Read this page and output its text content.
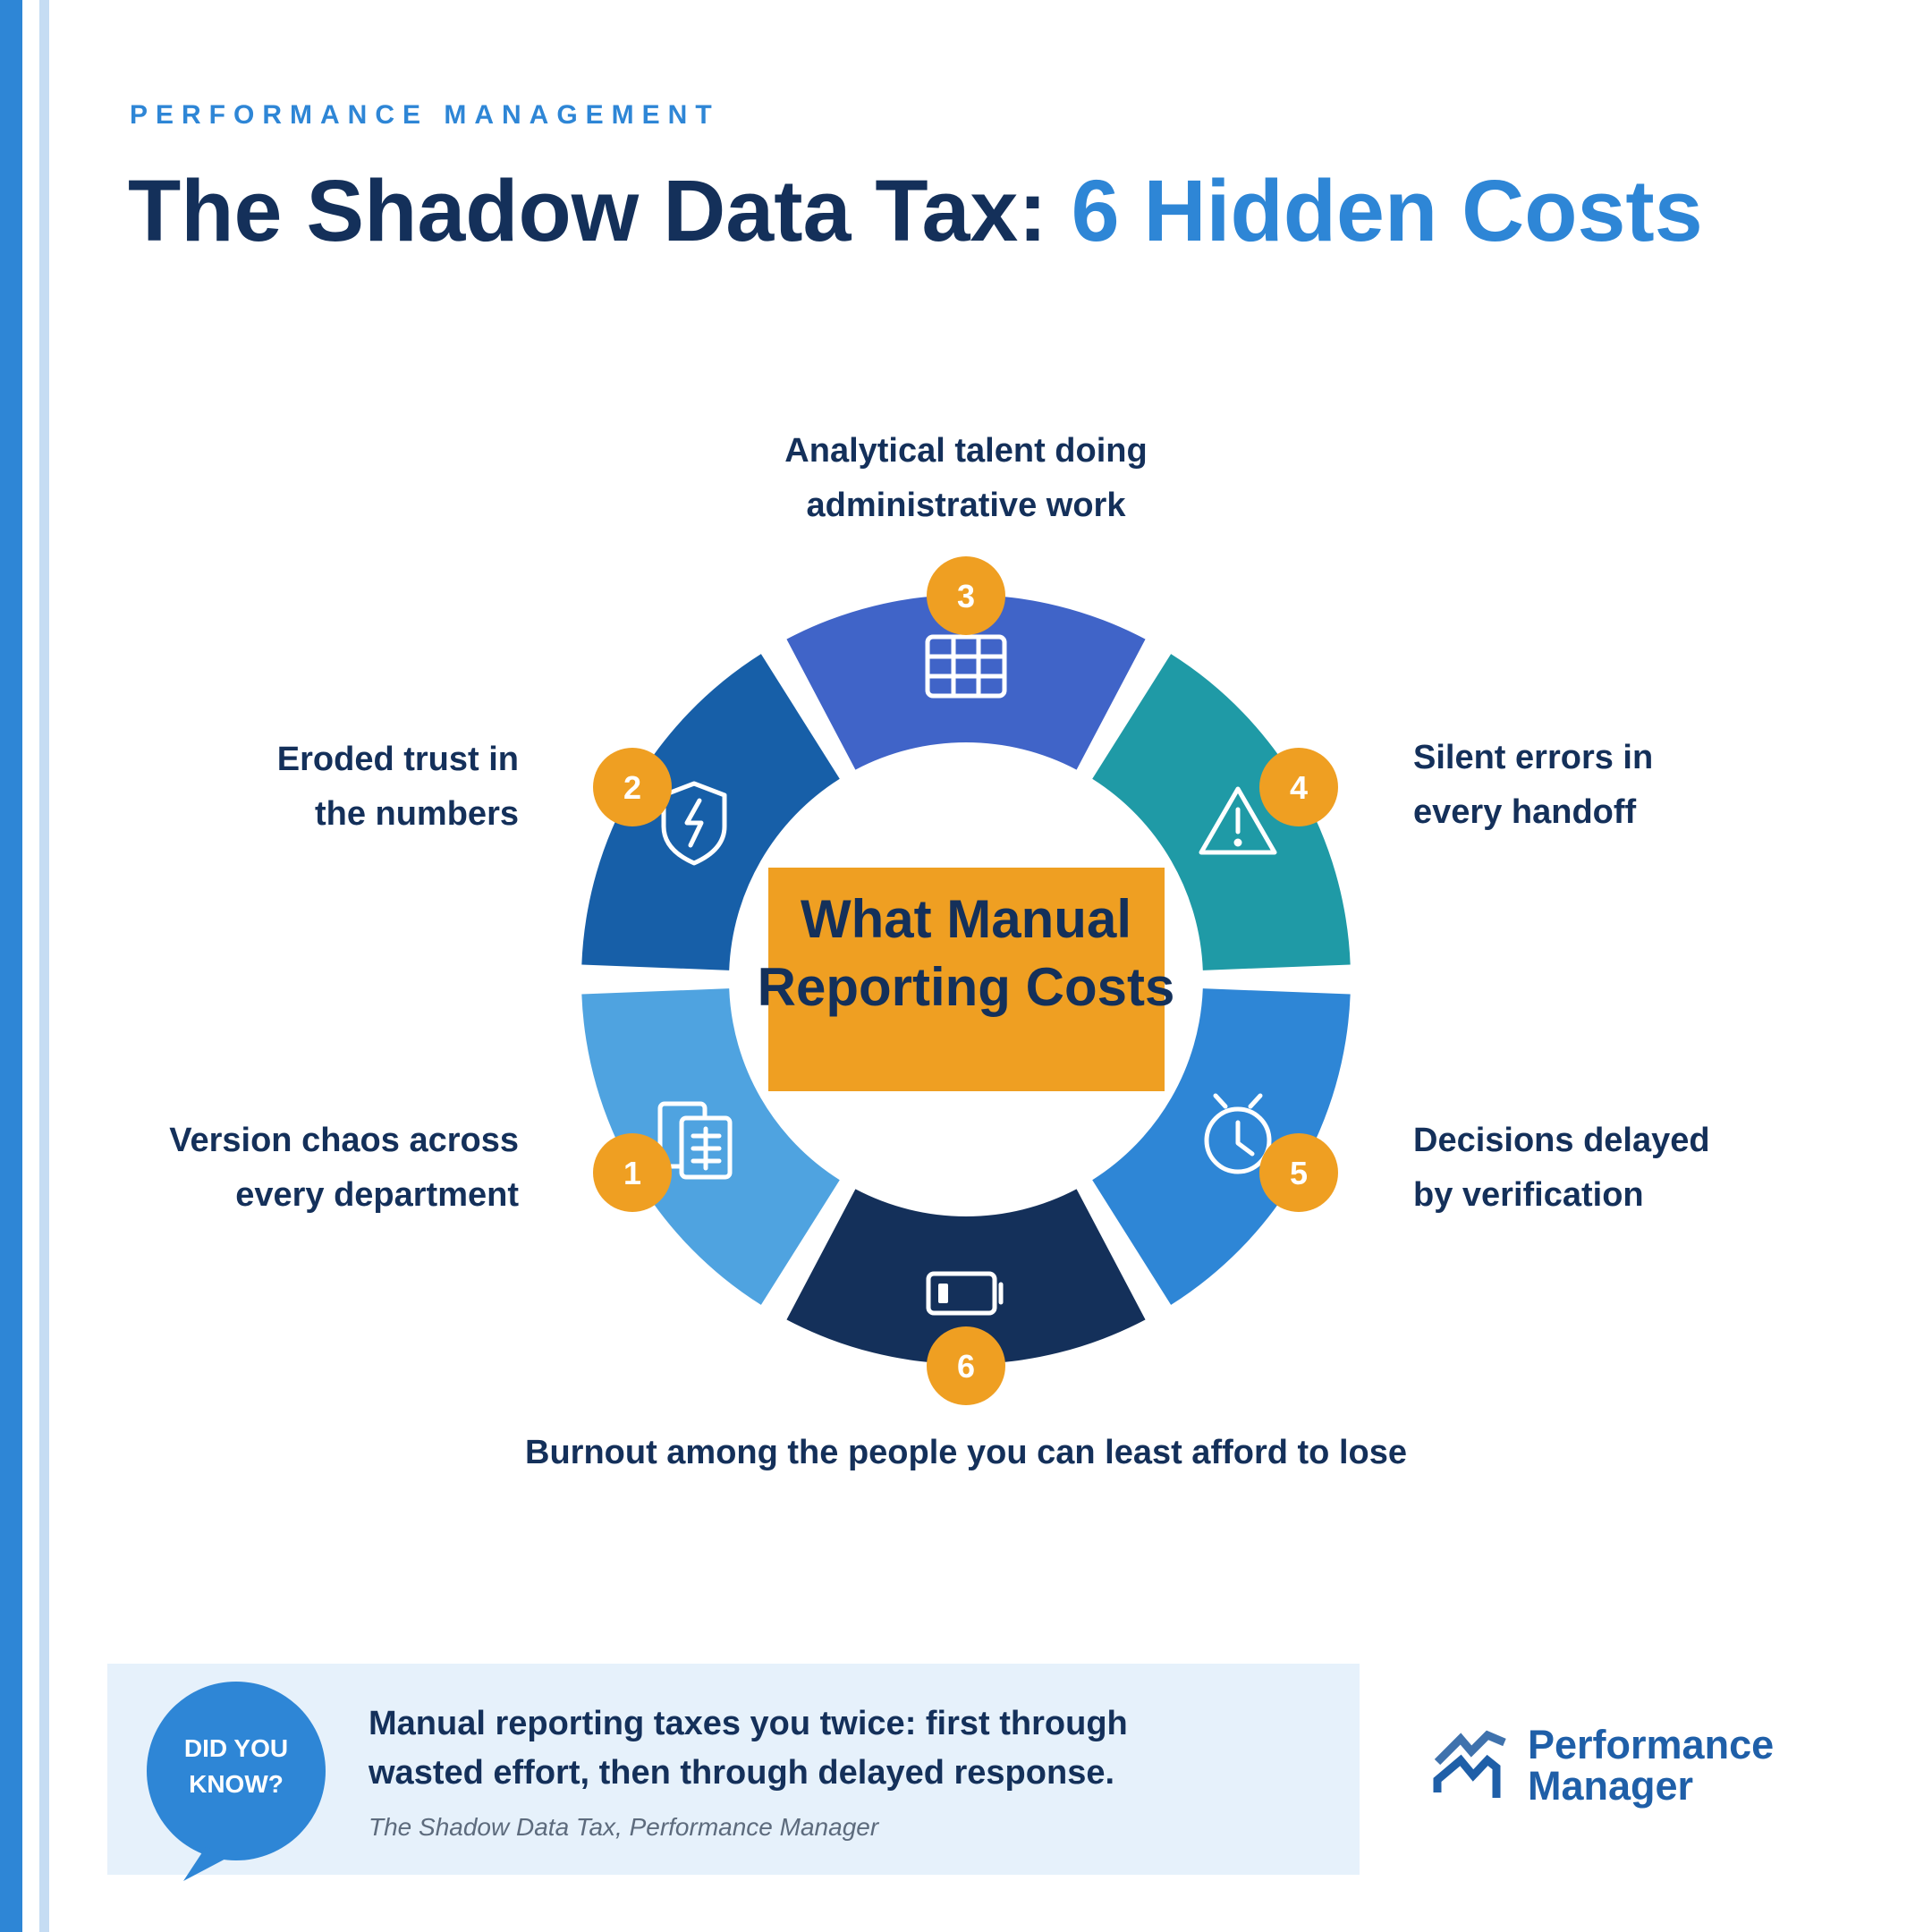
PERFORMANCE MANAGEMENT
The Shadow Data Tax: 6 Hidden Costs
1
2
3
4
5
6
What Manual
Reporting Costs
Version chaos across
every department
Eroded trust in
the numbers
Analytical talent doing
administrative work
Silent errors in
every handoff
Decisions delayed
by verification
Burnout among the people you can least afford to lose
DID YOU
KNOW?
Manual reporting taxes you twice: first through wasted effort, then through delayed response.
The Shadow Data Tax, Performance Manager
Performance
Manager
